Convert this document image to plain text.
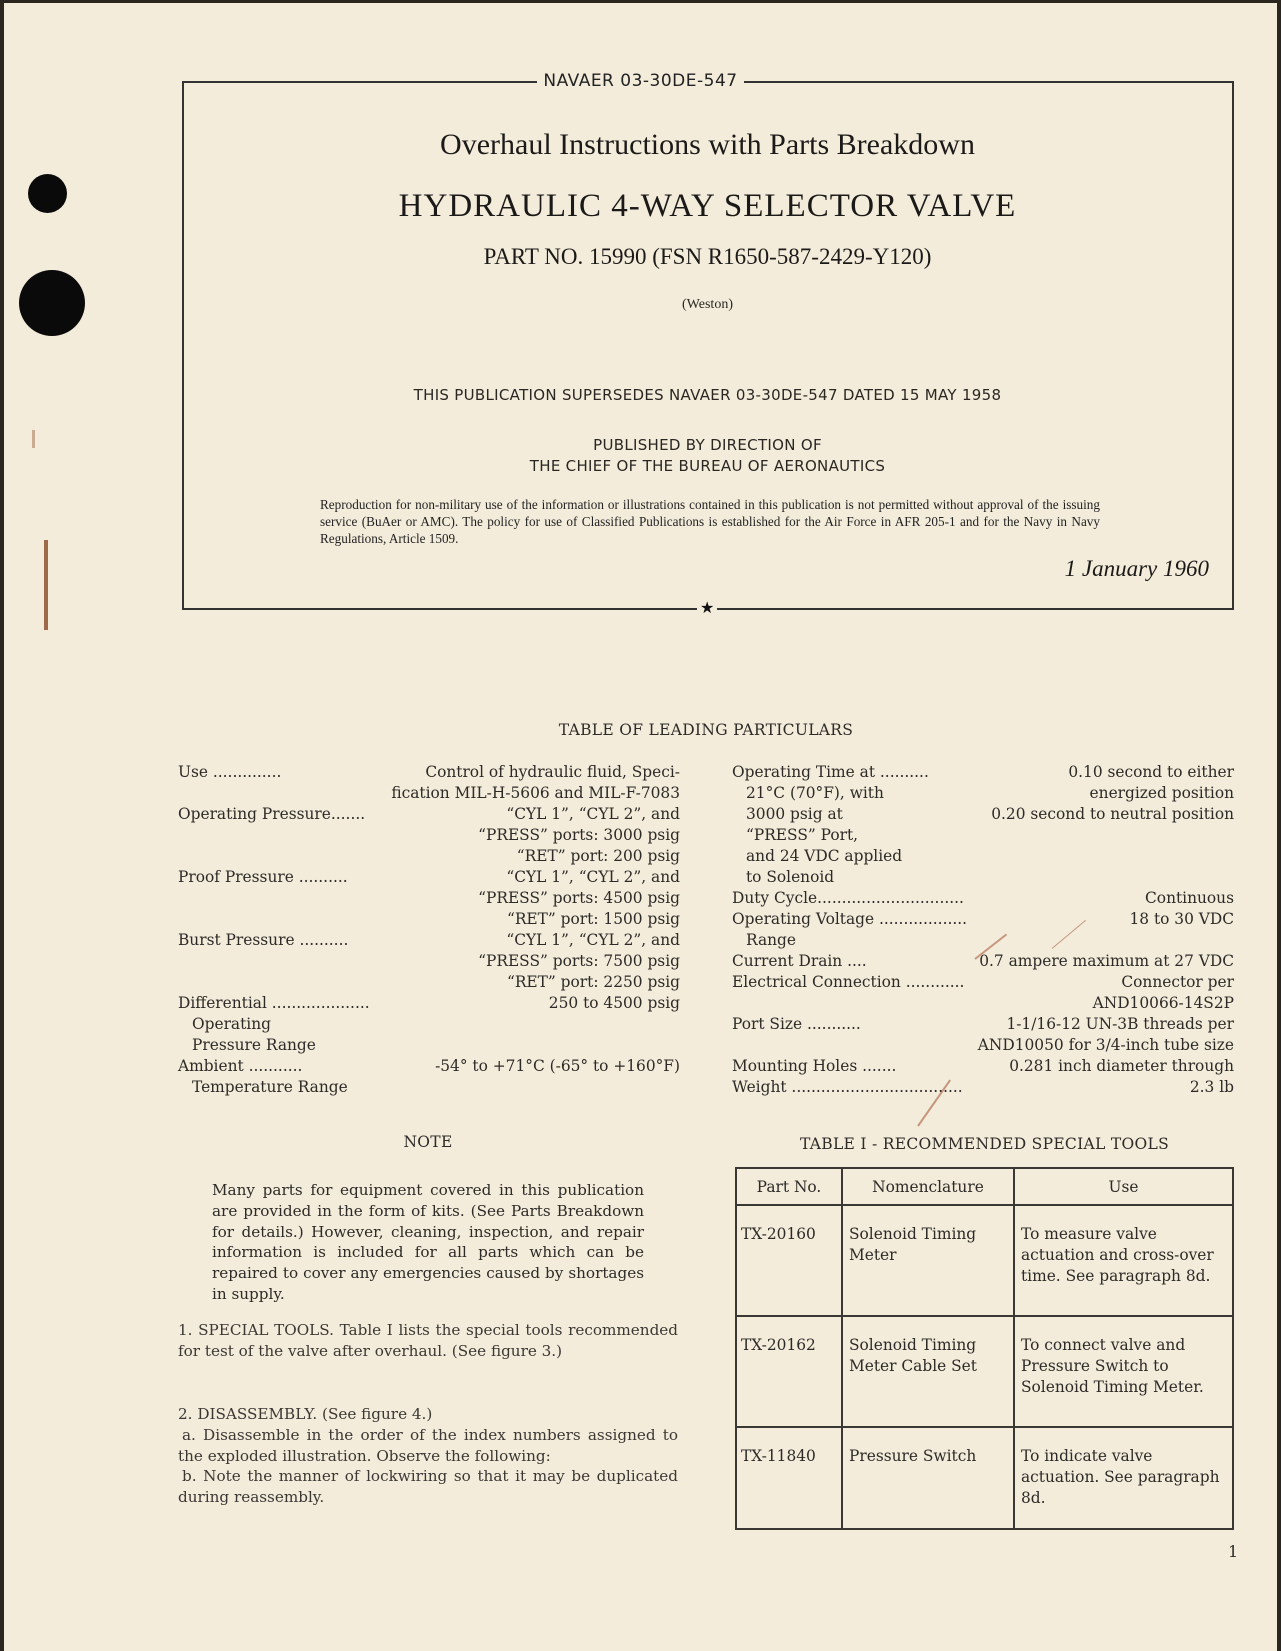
NAVAER 03-30DE-547
★
Overhaul Instructions with Parts Breakdown
HYDRAULIC 4-WAY SELECTOR VALVE
PART NO. 15990 (FSN R1650-587-2429-Y120)
(Weston)
THIS PUBLICATION SUPERSEDES NAVAER 03-30DE-547 DATED 15 MAY 1958
PUBLISHED BY DIRECTION OF
THE CHIEF OF THE BUREAU OF AERONAUTICS
Reproduction for non-military use of the information or illustrations contained in this publication is not permitted without approval of the issuing service (BuAer or AMC). The policy for use of Classified Publications is established for the Air Force in AFR 205-1 and for the Navy in Navy Regulations, Article 1509.
1 January 1960
TABLE OF LEADING PARTICULARS
Use ..............	Control of hydraulic fluid, Speci-
fication MIL-H-5606 and MIL-F-7083
Operating Pressure.......	“CYL 1”, “CYL 2”, and
“PRESS” ports: 3000 psig
“RET” port: 200 psig
Proof Pressure ..........	“CYL 1”, “CYL 2”, and
“PRESS” ports: 4500 psig
“RET” port: 1500 psig
Burst Pressure ..........	“CYL 1”, “CYL 2”, and
“PRESS” ports: 7500 psig
“RET” port: 2250 psig
Differential ....................	250 to 4500 psig
Operating
Pressure Range
Ambient ...........	-54° to +71°C (-65° to +160°F)
Temperature Range
Operating Time at ..........	0.10 second to either
21°C (70°F), with	energized position
3000 psig at	0.20 second to neutral position
“PRESS” Port,
and 24 VDC applied
to Solenoid
Duty Cycle..............................	Continuous
Operating Voltage ..................	18 to 30 VDC
Range
Current Drain ....	0.7 ampere maximum at 27 VDC
Electrical Connection ............	Connector per
AND10066-14S2P
Port Size ...........	1-1/16-12 UN-3B threads per
AND10050 for 3/4-inch tube size
Mounting Holes .......	0.281 inch diameter through
Weight ...................................	2.3 lb
NOTE
Many parts for equipment covered in this publication are provided in the form of kits. (See Parts Breakdown for details.) However, cleaning, inspection, and repair information is included for all parts which can be repaired to cover any emergencies caused by shortages in supply.

1. SPECIAL TOOLS. Table I lists the special tools recommended for test of the valve after overhaul. (See figure 3.)

2. DISASSEMBLY. (See figure 4.)

a. Disassemble in the order of the index numbers assigned to the exploded illustration. Observe the following:

b. Note the manner of lockwiring so that it may be duplicated during reassembly.

TABLE I - RECOMMENDED SPECIAL TOOLS
Part No.	Nomenclature	Use
TX-20160	Solenoid Timing Meter	To measure valve actuation and cross-over time. See paragraph 8d.
TX-20162	Solenoid Timing Meter Cable Set	To connect valve and Pressure Switch to Solenoid Timing Meter.
TX-11840	Pressure Switch	To indicate valve actuation. See paragraph 8d.
1
